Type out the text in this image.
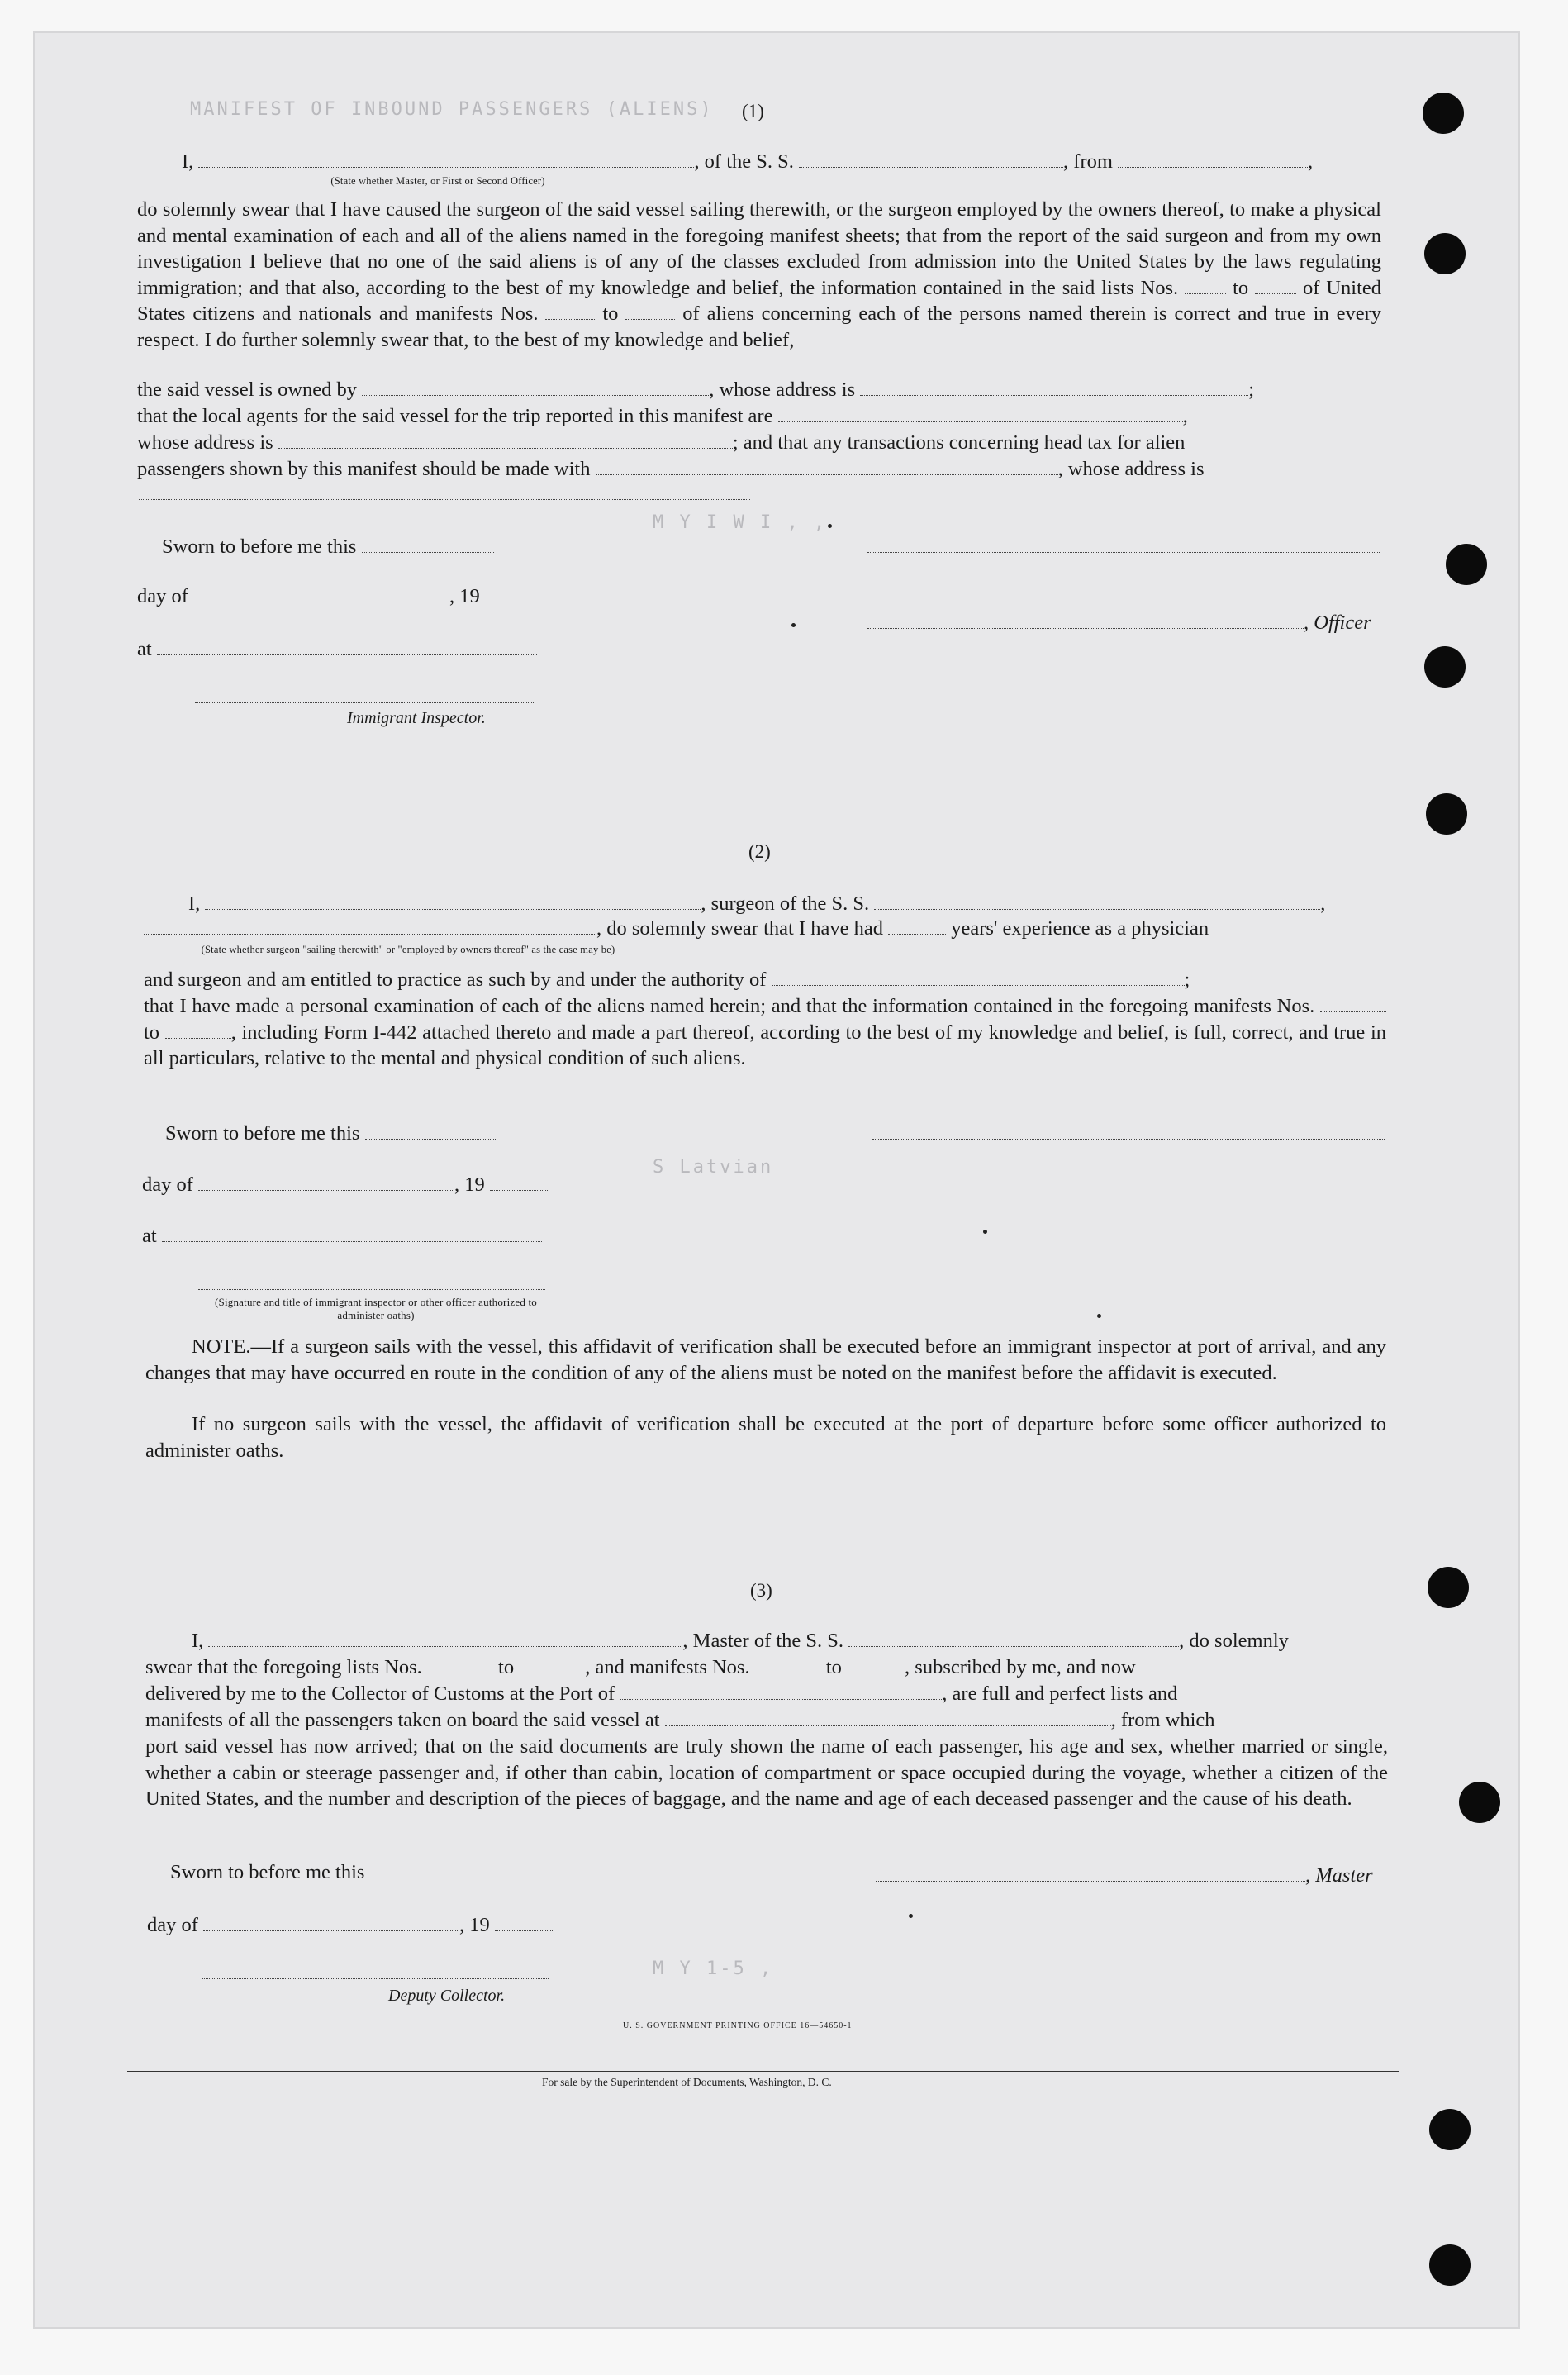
MANIFEST OF INBOUND PASSENGERS (ALIENS)
M Y I W I , ,
S Latvian
M Y 1-5 ,
(1)
I,	, of the S. S.	, from	,
(State whether Master, or First or Second Officer)
do solemnly swear that I have caused the surgeon of the said vessel sailing therewith, or the surgeon employed by the owners thereof, to make a physical and mental examination of each and all of the aliens named in the foregoing manifest sheets; that from the report of the said surgeon and from my own investigation I believe that no one of the said aliens is of any of the classes excluded from admission into the United States by the laws regulating immigration; and that also, according to the best of my knowledge and belief, the information contained in the said lists Nos.	to	of United States citizens and nationals and manifests Nos.	to	of aliens concerning each of the persons named therein is correct and true in every respect. I do further solemnly swear that, to the best of my knowledge and belief,
the said vessel is owned by	, whose address is	;
that the local agents for the said vessel for the trip reported in this manifest are	,
whose address is	; and that any transactions concerning head tax for alien
passengers shown by this manifest should be made with	, whose address is
Sworn to before me this
day of	, 19
, Officer
at
Immigrant Inspector.
(2)
I,	, surgeon of the S. S.	,
, do solemnly swear that I have had	years' experience as a physician
(State whether surgeon "sailing therewith" or "employed by owners thereof" as the case may be)
and surgeon and am entitled to practice as such by and under the authority of	;
that I have made a personal examination of each of the aliens named herein; and that the information contained in the foregoing manifests Nos.  to	, including Form I-442 attached thereto and made a part thereof, according to the best of my knowledge and belief, is full, correct, and true in all particulars, relative to the mental and physical condition of such aliens.
Sworn to before me this
day of	, 19
at
(Signature and title of immigrant inspector or other officer authorized to administer oaths)
NOTE.—If a surgeon sails with the vessel, this affidavit of verification shall be executed before an immigrant inspector at port of arrival, and any changes that may have occurred en route in the condition of any of the aliens must be noted on the manifest before the affidavit is executed.
If no surgeon sails with the vessel, the affidavit of verification shall be executed at the port of departure before some officer authorized to administer oaths.
(3)
I,	, Master of the S. S.	, do solemnly
swear that the foregoing lists Nos.	to	, and manifests Nos.	to	, subscribed by me, and now
delivered by me to the Collector of Customs at the Port of	, are full and perfect lists and
manifests of all the passengers taken on board the said vessel at	, from which
port said vessel has now arrived; that on the said documents are truly shown the name of each passenger, his age and sex, whether married or single, whether a cabin or steerage passenger and, if other than cabin, location of compartment or space occupied during the voyage, whether a citizen of the United States, and the number and description of the pieces of baggage, and the name and age of each deceased passenger and the cause of his death.
Sworn to before me this	, Master
day of	, 19
Deputy Collector.
U. S. GOVERNMENT PRINTING OFFICE 16—54650-1
For sale by the Superintendent of Documents, Washington, D. C.
